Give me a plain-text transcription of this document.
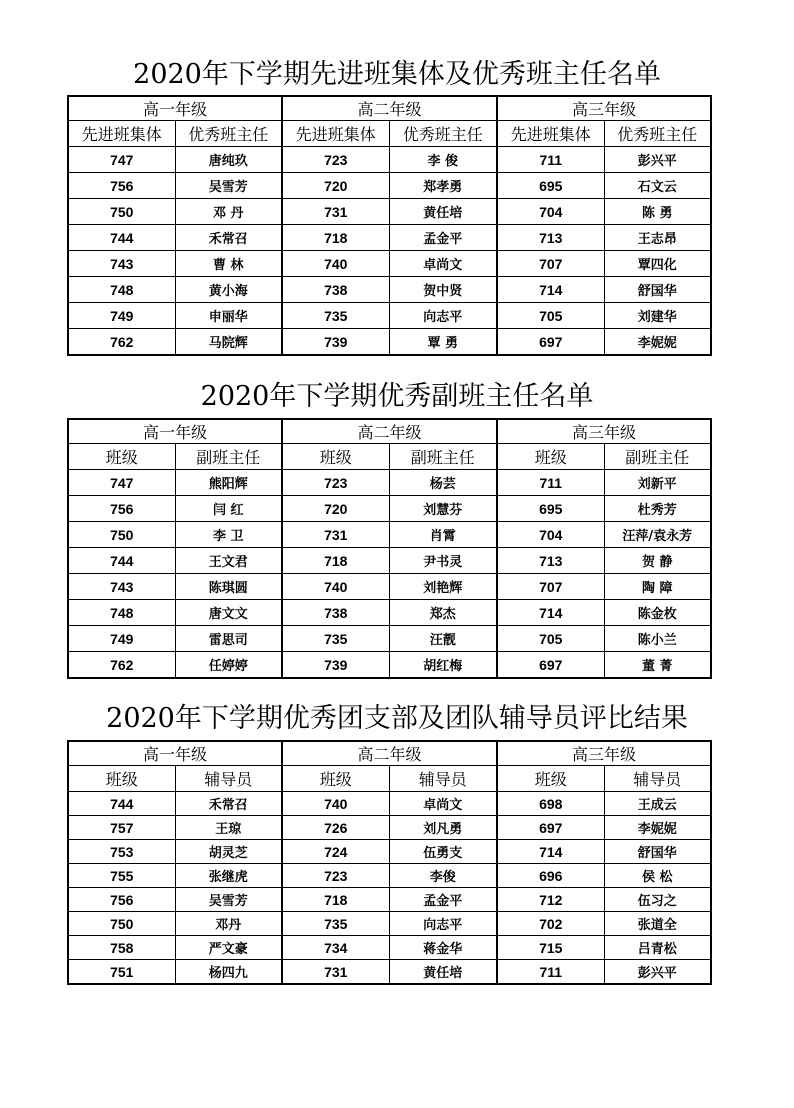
2020年下学期先进班集体及优秀班主任名单
高一年级		高二年级		高三年级	
先进班集体	优秀班主任	先进班集体	优秀班主任	先进班集体	优秀班主任
747	唐纯玖	723	李 俊	711	彭兴平
756	吴雪芳	720	郑孝勇	695	石文云
750	邓 丹	731	黄任培	704	陈 勇
744	禾常召	718	孟金平	713	王志昂
743	曹 林	740	卓尚文	707	覃四化
748	黄小海	738	贺中贤	714	舒国华
749	申丽华	735	向志平	705	刘建华
762	马院辉	739	覃 勇	697	李妮妮
2020年下学期优秀副班主任名单
高一年级		高二年级		高三年级	
班级	副班主任	班级	副班主任	班级	副班主任
747	熊阳辉	723	杨芸	711	刘新平
756	闫 红	720	刘慧芬	695	杜秀芳
750	李 卫	731	肖霄	704	汪萍/袁永芳
744	王文君	718	尹书灵	713	贺 静
743	陈琪圆	740	刘艳辉	707	陶 障
748	唐文文	738	郑杰	714	陈金枚
749	雷思司	735	汪靓	705	陈小兰
762	任婷婷	739	胡红梅	697	董 菁
2020年下学期优秀团支部及团队辅导员评比结果
高一年级		高二年级		高三年级	
班级	辅导员	班级	辅导员	班级	辅导员
744	禾常召	740	卓尚文	698	王成云
757	王琼	726	刘凡勇	697	李妮妮
753	胡灵芝	724	伍勇支	714	舒国华
755	张继虎	723	李俊	696	侯 松
756	吴雪芳	718	孟金平	712	伍习之
750	邓丹	735	向志平	702	张道全
758	严文豪	734	蒋金华	715	吕青松
751	杨四九	731	黄任培	711	彭兴平
